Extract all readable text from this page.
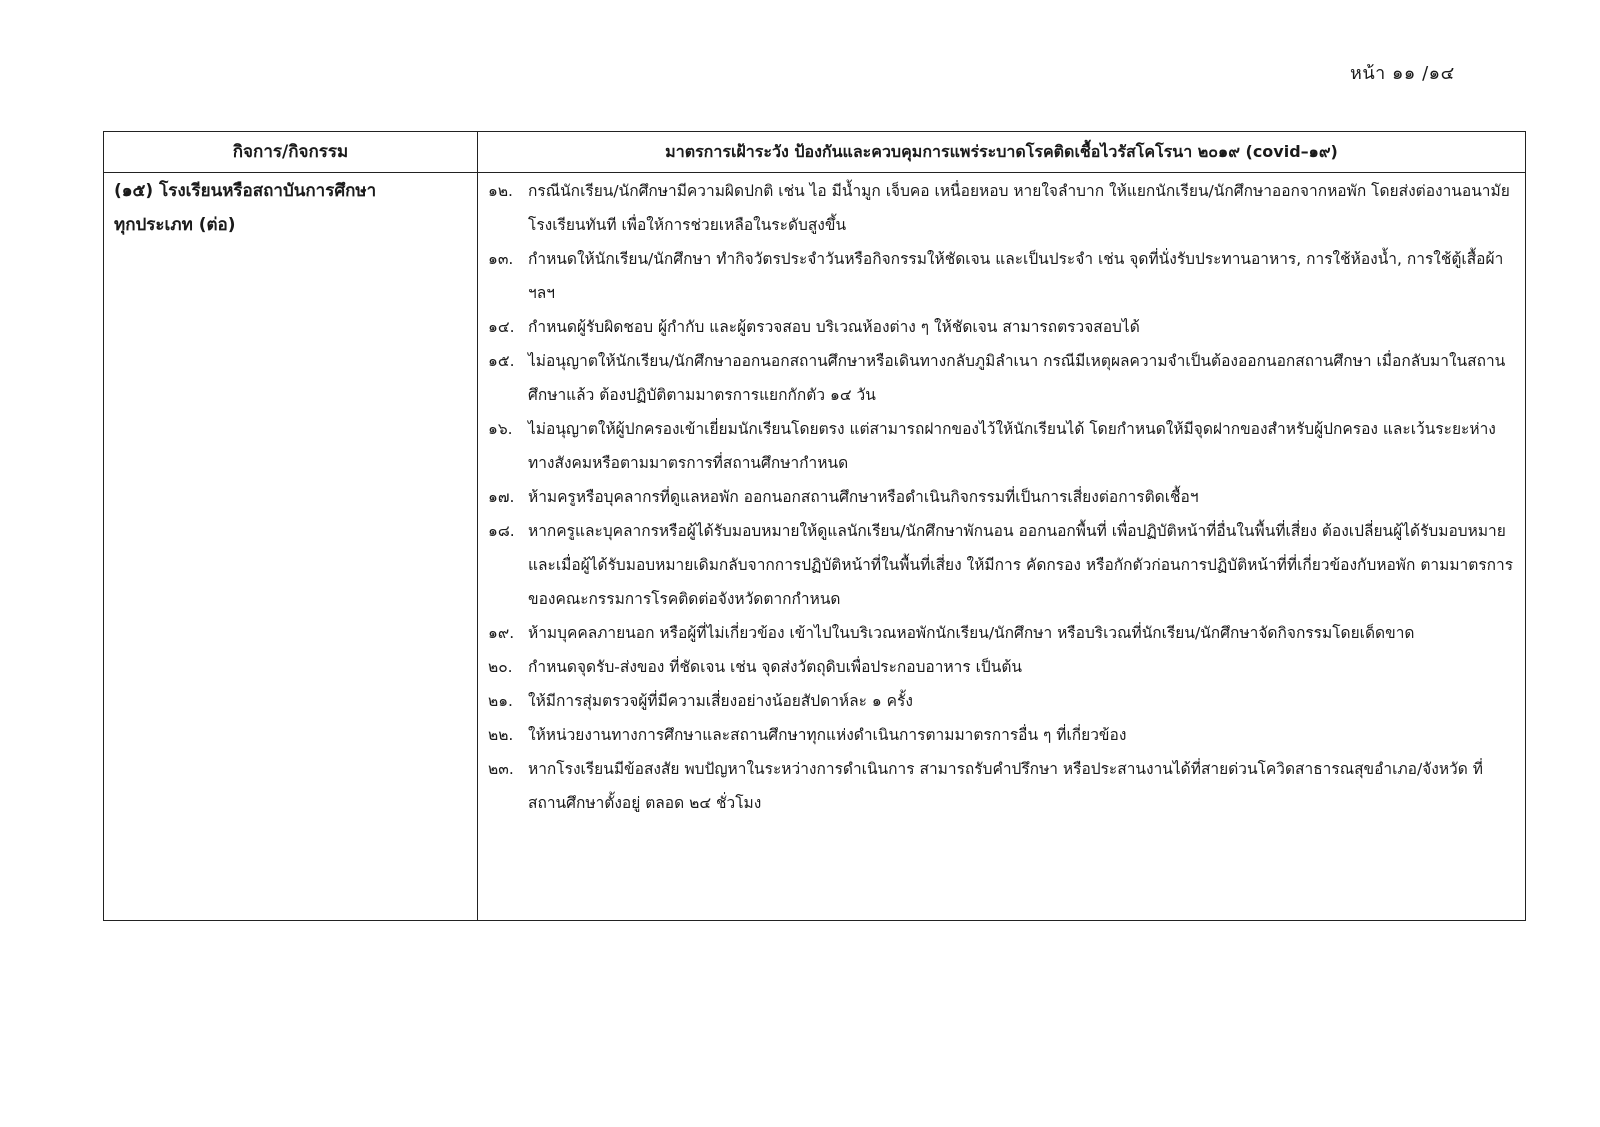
หน้า ๑๑ /๑๔
กิจการ/กิจกรรม	มาตรการเฝ้าระวัง ป้องกันและควบคุมการแพร่ระบาดโรคติดเชื้อไวรัสโคโรนา ๒๐๑๙ (covid–๑๙)
(๑๕) โรงเรียนหรือสถาบันการศึกษา
ทุกประเภท (ต่อ)
๑๒. กรณีนักเรียน/นักศึกษามีความผิดปกติ เช่น ไอ มีน้ำมูก เจ็บคอ เหนื่อยหอบ หายใจลำบาก ให้แยกนักเรียน/นักศึกษาออกจากหอพัก โดยส่งต่องานอนามัยโรงเรียนทันที เพื่อให้การช่วยเหลือในระดับสูงขึ้น
๑๓. กำหนดให้นักเรียน/นักศึกษา ทำกิจวัตรประจำวันหรือกิจกรรมให้ชัดเจน และเป็นประจำ เช่น จุดที่นั่งรับประทานอาหาร, การใช้ห้องน้ำ, การใช้ตู้เสื้อผ้า ฯลฯ
๑๔. กำหนดผู้รับผิดชอบ ผู้กำกับ และผู้ตรวจสอบ บริเวณห้องต่าง ๆ ให้ชัดเจน สามารถตรวจสอบได้
๑๕. ไม่อนุญาตให้นักเรียน/นักศึกษาออกนอกสถานศึกษาหรือเดินทางกลับภูมิลำเนา กรณีมีเหตุผลความจำเป็นต้องออกนอกสถานศึกษา เมื่อกลับมาในสถานศึกษาแล้ว ต้องปฏิบัติตามมาตรการแยกกักตัว ๑๔ วัน
๑๖. ไม่อนุญาตให้ผู้ปกครองเข้าเยี่ยมนักเรียนโดยตรง แต่สามารถฝากของไว้ให้นักเรียนได้ โดยกำหนดให้มีจุดฝากของสำหรับผู้ปกครอง และเว้นระยะห่างทางสังคมหรือตามมาตรการที่สถานศึกษากำหนด
๑๗. ห้ามครูหรือบุคลากรที่ดูแลหอพัก ออกนอกสถานศึกษาหรือดำเนินกิจกรรมที่เป็นการเสี่ยงต่อการติดเชื้อฯ
๑๘. หากครูและบุคลากรหรือผู้ได้รับมอบหมายให้ดูแลนักเรียน/นักศึกษาพักนอน ออกนอกพื้นที่ เพื่อปฏิบัติหน้าที่อื่นในพื้นที่เสี่ยง ต้องเปลี่ยนผู้ได้รับมอบหมายและเมื่อผู้ได้รับมอบหมายเดิมกลับจากการปฏิบัติหน้าที่ในพื้นที่เสี่ยง ให้มีการ คัดกรอง หรือกักตัวก่อนการปฏิบัติหน้าที่ที่เกี่ยวข้องกับหอพัก ตามมาตรการของคณะกรรมการโรคติดต่อจังหวัดตากกำหนด
๑๙. ห้ามบุคคลภายนอก หรือผู้ที่ไม่เกี่ยวข้อง เข้าไปในบริเวณหอพักนักเรียน/นักศึกษา หรือบริเวณที่นักเรียน/นักศึกษาจัดกิจกรรมโดยเด็ดขาด
๒๐. กำหนดจุดรับ-ส่งของ ที่ชัดเจน เช่น จุดส่งวัตถุดิบเพื่อประกอบอาหาร เป็นต้น
๒๑. ให้มีการสุ่มตรวจผู้ที่มีความเสี่ยงอย่างน้อยสัปดาห์ละ ๑ ครั้ง
๒๒. ให้หน่วยงานทางการศึกษาและสถานศึกษาทุกแห่งดำเนินการตามมาตรการอื่น ๆ ที่เกี่ยวข้อง
๒๓. หากโรงเรียนมีข้อสงสัย พบปัญหาในระหว่างการดำเนินการ สามารถรับคำปรึกษา หรือประสานงานได้ที่สายด่วนโควิดสาธารณสุขอำเภอ/จังหวัด ที่สถานศึกษาตั้งอยู่ ตลอด ๒๔ ชั่วโมง
